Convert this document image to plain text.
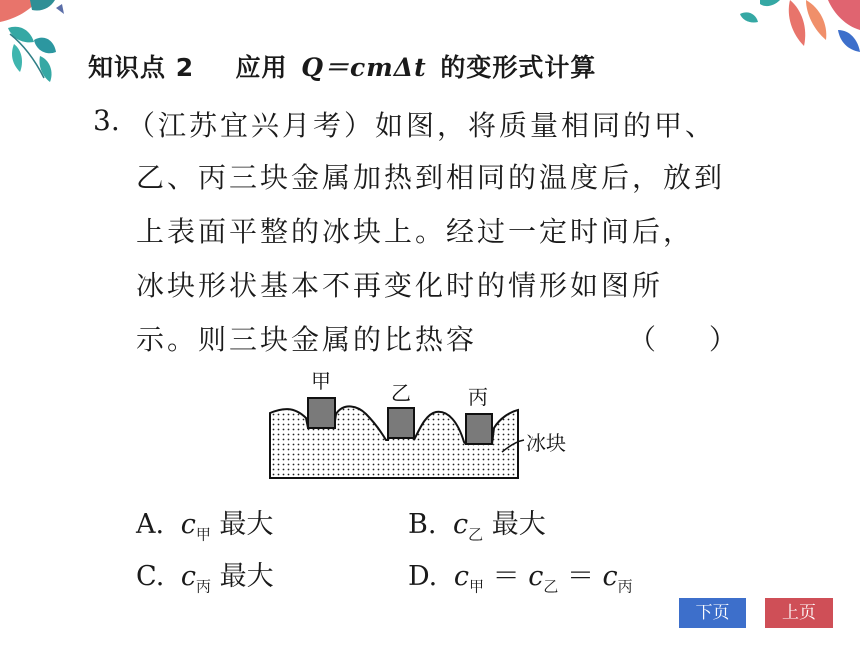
知识点 2 应用 Q＝cmΔt 的变形式计算
3. （江苏宜兴月考）如图，将质量相同的甲、
乙、丙三块金属加热到相同的温度后，放到
上表面平整的冰块上。经过一定时间后，
冰块形状基本不再变化时的情形如图所
示。则三块金属的比热容	（ ）
甲	乙	丙
冰块
A. $c_甲$ 最大	B. $c_乙$ 最大
C. $c_丙$ 最大	D. $c_甲 = c_乙 = c_丙$
下页	上页
